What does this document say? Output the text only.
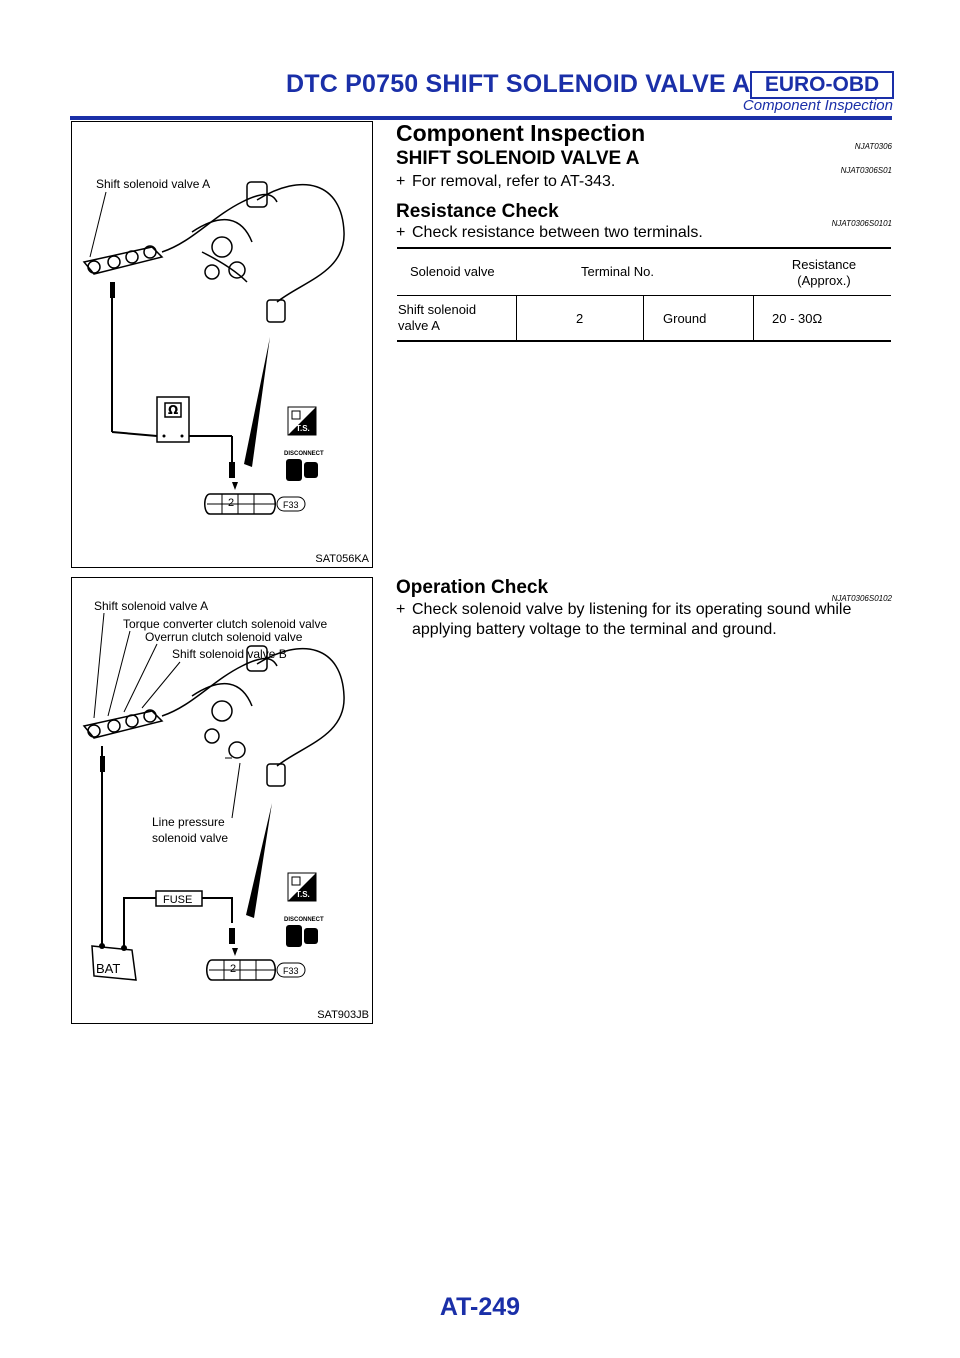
DTC P0750 SHIFT SOLENOID VALVE A EURO-OBD
Component Inspection
Shift solenoid valve A
Ω
2	F33
T.S.
DISCONNECT
SAT056KA
Shift solenoid valve A
Torque converter clutch solenoid valve
Overrun clutch solenoid valve
Shift solenoid valve B
Line pressure
solenoid valve
FUSE
BAT	2	F33
T.S.
DISCONNECT
SAT903JB
Component Inspection
NJAT0306
SHIFT SOLENOID VALVE A
NJAT0306S01
+ For removal, refer to AT-343.
Resistance Check
NJAT0306S0101
+ Check resistance between two terminals.
Solenoid valve	Terminal No.	Resistance
(Approx.)
Shift solenoid
valve A	2	Ground	20 - 30Ω
Operation Check
NJAT0306S0102
+ Check solenoid valve by listening for its operating sound while
applying battery voltage to the terminal and ground.
AT-249
